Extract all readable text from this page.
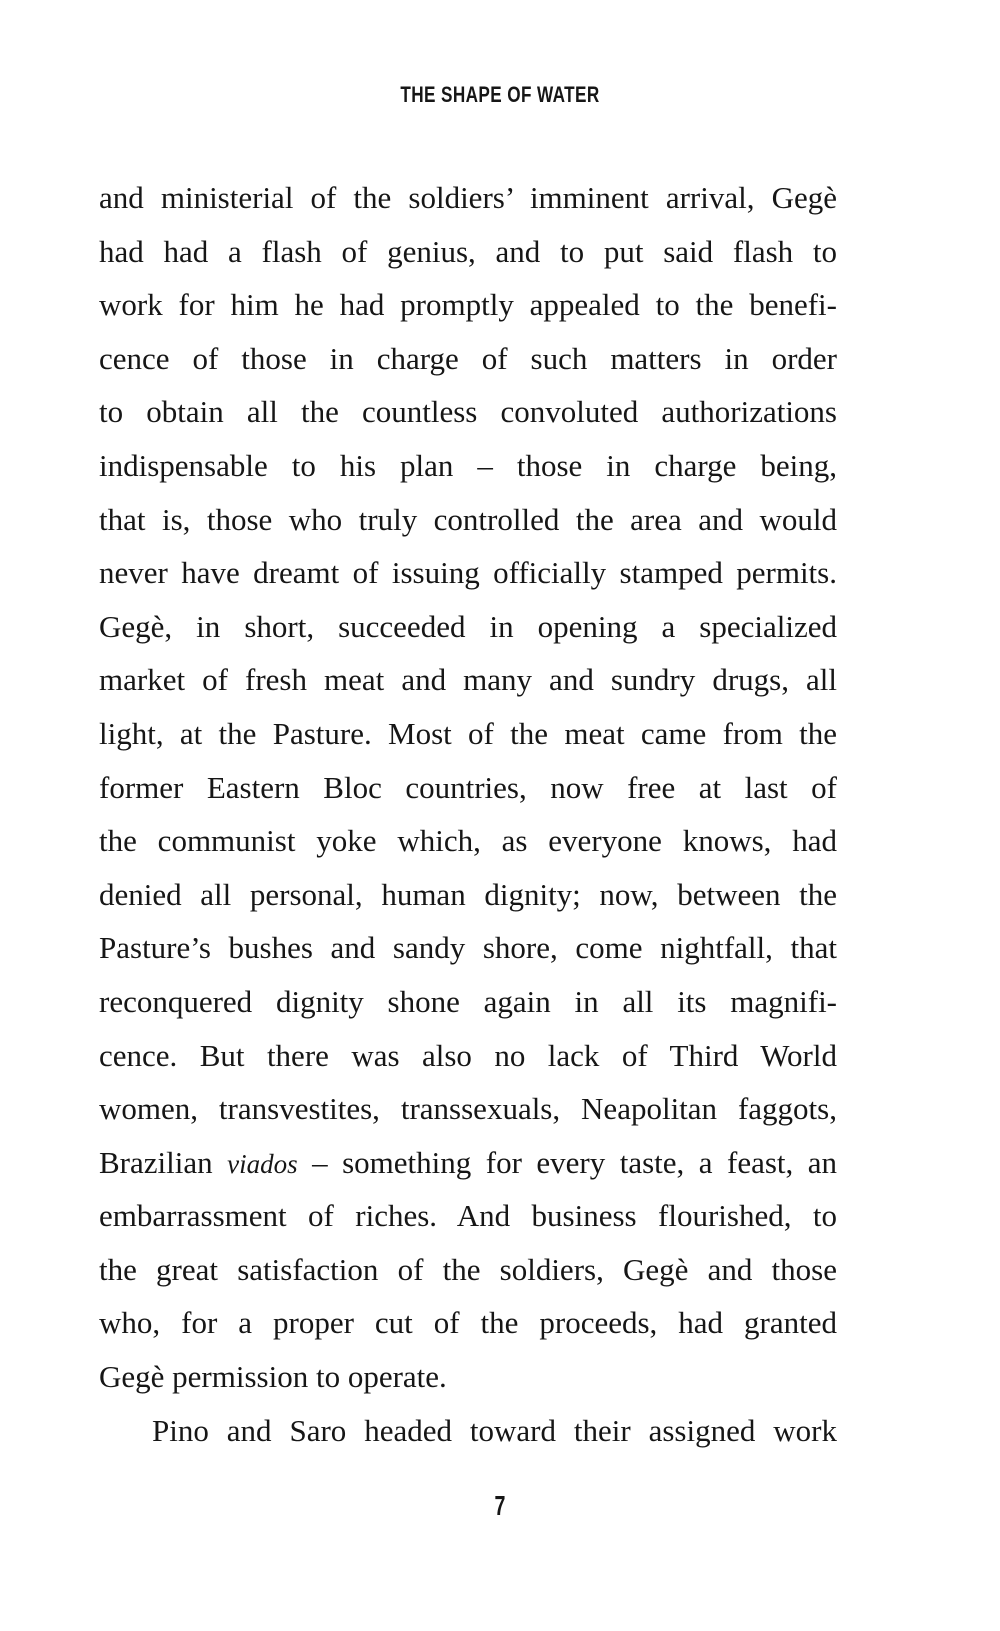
THE SHAPE OF WATER
and ministerial of the soldiers’ imminent arrival, Gegè
had had a flash of genius, and to put said flash to
work for him he had promptly appealed to the benefi-
cence of those in charge of such matters in order
to obtain all the countless convoluted authorizations
indispensable to his plan – those in charge being,
that is, those who truly controlled the area and would
never have dreamt of issuing officially stamped permits.
Gegè, in short, succeeded in opening a specialized
market of fresh meat and many and sundry drugs, all
light, at the Pasture. Most of the meat came from the
former Eastern Bloc countries, now free at last of
the communist yoke which, as everyone knows, had
denied all personal, human dignity; now, between the
Pasture’s bushes and sandy shore, come nightfall, that
reconquered dignity shone again in all its magnifi-
cence. But there was also no lack of Third World
women, transvestites, transsexuals, Neapolitan faggots,
Brazilian viados – something for every taste, a feast, an
embarrassment of riches. And business flourished, to
the great satisfaction of the soldiers, Gegè and those
who, for a proper cut of the proceeds, had granted
Gegè permission to operate.
Pino and Saro headed toward their assigned work
7
